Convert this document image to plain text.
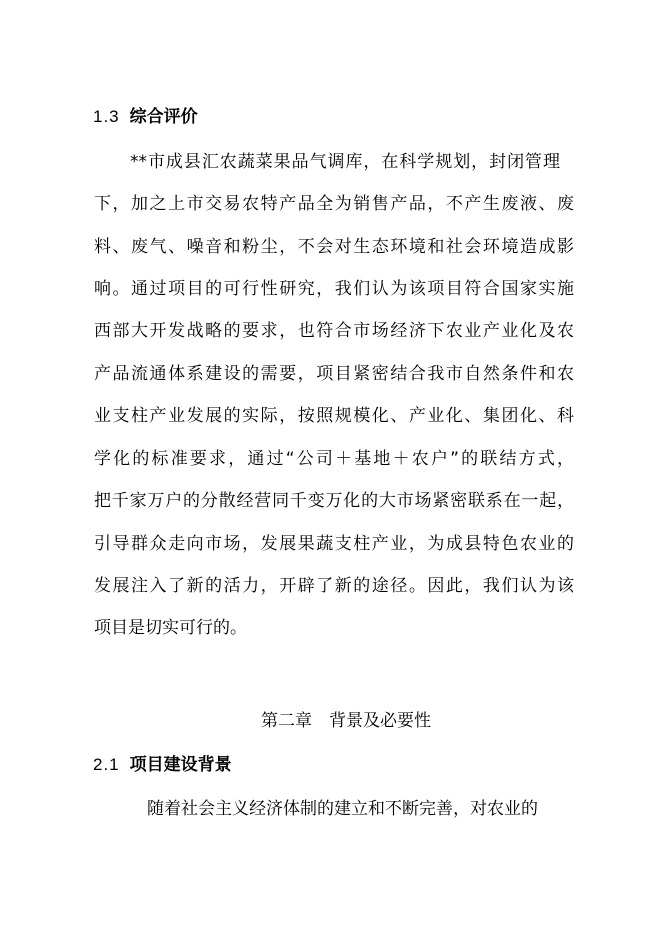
1.3 综合评价
**市成县汇农蔬菜果品气调库，在科学规划，封闭管理
下，加之上市交易农特产品全为销售产品，不产生废液、废
料、废气、噪音和粉尘，不会对生态环境和社会环境造成影
响。通过项目的可行性研究，我们认为该项目符合国家实施
西部大开发战略的要求，也符合市场经济下农业产业化及农
产品流通体系建设的需要，项目紧密结合我市自然条件和农
业支柱产业发展的实际，按照规模化、产业化、集团化、科
学化的标准要求，通过“公司＋基地＋农户”的联结方式，
把千家万户的分散经营同千变万化的大市场紧密联系在一起，
引导群众走向市场，发展果蔬支柱产业，为成县特色农业的
发展注入了新的活力，开辟了新的途径。因此，我们认为该
项目是切实可行的。
第二章　背景及必要性
2.1 项目建设背景
随着社会主义经济体制的建立和不断完善，对农业的
